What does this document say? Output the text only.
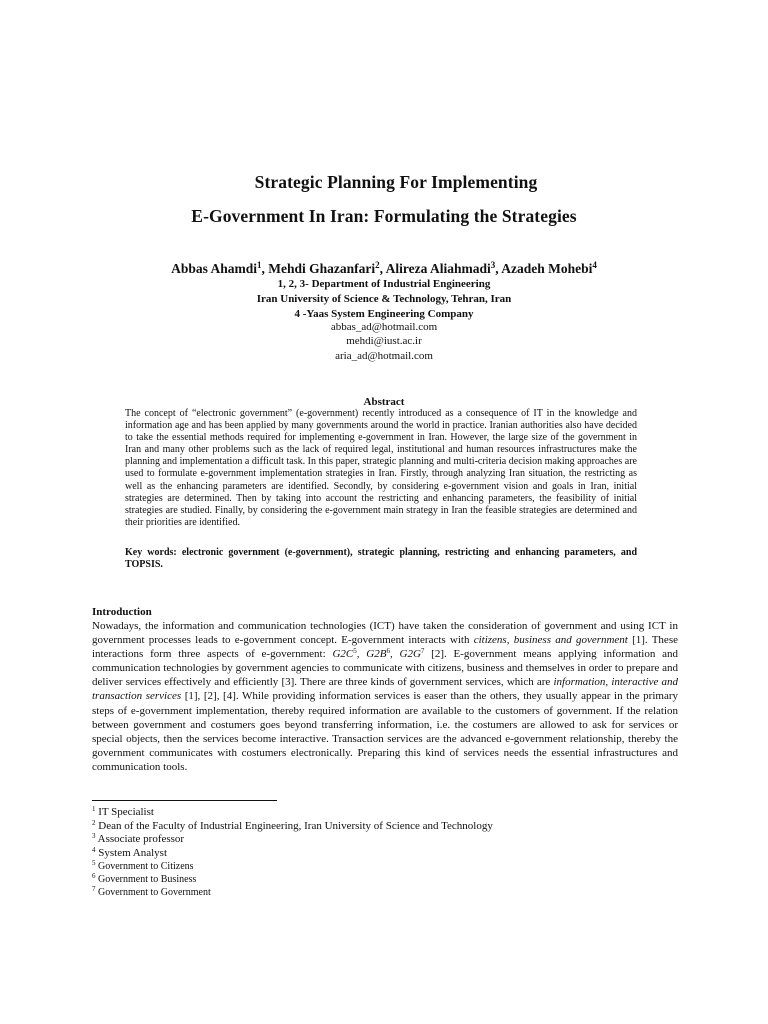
Strategic Planning For Implementing
E-Government In Iran: Formulating the Strategies
Abbas Ahamdi$^1$, Mehdi Ghazanfari$^2$, Alireza Aliahmadi$^3$, Azadeh Mohebi$^4$
1, 2, 3- Department of Industrial Engineering
Iran University of Science & Technology, Tehran, Iran
4 -Yaas System Engineering Company
abbas_ad@hotmail.com
mehdi@iust.ac.ir
aria_ad@hotmail.com
Abstract
The concept of “electronic government” (e-government) recently introduced as a consequence of IT in the knowledge and information age and has been applied by many governments around the world in practice. Iranian authorities also have decided to take the essential methods required for implementing e-government in Iran. However, the large size of the government in Iran and many other problems such as the lack of required legal, institutional and human resources infrastructures make the planning and implementation a difficult task. In this paper, strategic planning and multi-criteria decision making approaches are used to formulate e-government implementation strategies in Iran. Firstly, through analyzing Iran situation, the restricting as well as the enhancing parameters are identified. Secondly, by considering e-government vision and goals in Iran, initial strategies are determined. Then by taking into account the restricting and enhancing parameters, the feasibility of initial strategies are studied. Finally, by considering the e-government main strategy in Iran the feasible strategies are determined and their priorities are identified.
Key words: electronic government (e-government), strategic planning, restricting and enhancing parameters, and TOPSIS.
Introduction
Nowadays, the information and communication technologies (ICT) have taken the consideration of government and using ICT in government processes leads to e-government concept. E-government interacts with citizens, business and government [1]. These interactions form three aspects of e-government: $G2C^5$, $G2B^6$, $G2G^7$ [2]. E-government means applying information and communication technologies by government agencies to communicate with citizens, business and themselves in order to prepare and deliver services effectively and efficiently [3]. There are three kinds of government services, which are information, interactive and transaction services [1], [2], [4]. While providing information services is easer than the others, they usually appear in the primary steps of e-government implementation, thereby required information are available to the customers of government. If the relation between government and costumers goes beyond transferring information, i.e. the costumers are allowed to ask for services or special objects, then the services become interactive. Transaction services are the advanced e-government relationship, thereby the government communicates with costumers electronically. Preparing this kind of services needs the essential infrastructures and communication tools.
$^1$ IT Specialist
$^2$ Dean of the Faculty of Industrial Engineering, Iran University of Science and Technology
$^3$ Associate professor
$^4$ System Analyst
$^5$ Government to Citizens
$^6$ Government to Business
$^7$ Government to Government
